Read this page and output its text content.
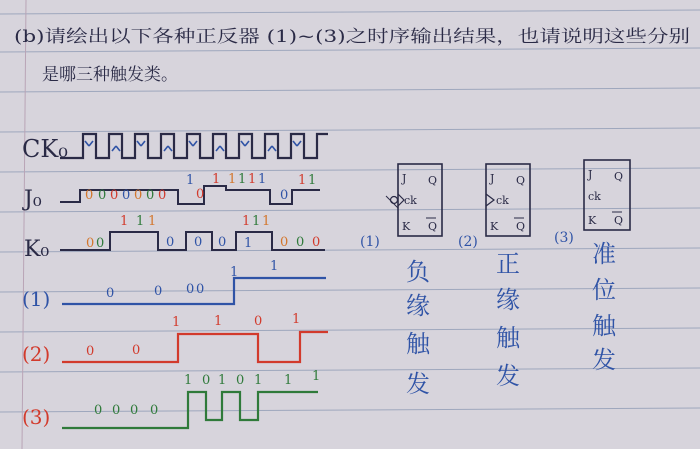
(b)请绘出以下各种正反器 (1)~(3)之时序输出结果，也请说明这些分别
是哪三种触发类。
CK₀
J₀
K₀
(1)
(2)
(3)
0 0 0 0 0 0 0 0
1 1 1 1 1 1
0
1 1
0 0
1 1 1
0 0 0
1 1 1
1 0 0 0
0	0 0 0
1 1
0	0
1	1 0 1
0 0 0 0
1 0 1 0 1 1 1
J Q
ck
K Q
(1)
负
缘
触
发
J Q
ck
K Q
(2)
正
缘
触
发
J Q
ck
K Q
(3)
准
位
触
发
